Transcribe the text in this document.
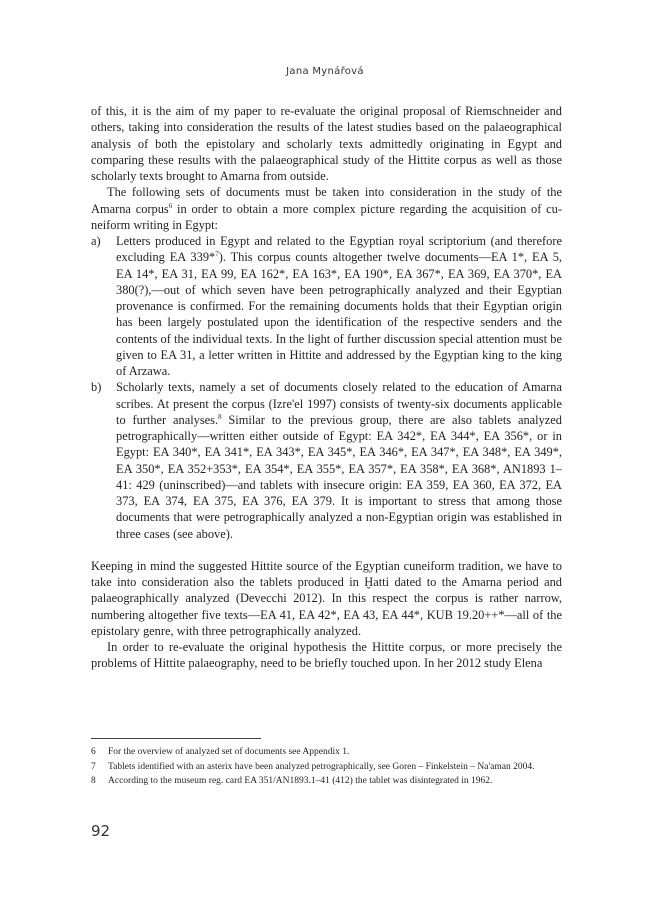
Jana Mynářová

of this, it is the aim of my paper to re-evaluate the original proposal of Riemschneider and others, taking into consideration the results of the latest studies based on the palaeographical analysis of both the epistolary and scholarly texts admittedly originating in Egypt and comparing these results with the palaeographical study of the Hittite corpus as well as those scholarly texts brought to Amarna from outside.

The following sets of documents must be taken into consideration in the study of the Amarna corpus$^6$ in order to obtain a more complex picture regarding the acquisition of cuneiform writing in Egypt:

a) Letters produced in Egypt and related to the Egyptian royal scriptorium (and therefore excluding EA 339*$^7$). This corpus counts altogether twelve documents—EA 1*, EA 5, EA 14*, EA 31, EA 99, EA 162*, EA 163*, EA 190*, EA 367*, EA 369, EA 370*, EA 380(?),—out of which seven have been petrographically analyzed and their Egyptian provenance is confirmed. For the remaining documents holds that their Egyptian origin has been largely postulated upon the identification of the respective senders and the contents of the individual texts. In the light of further discussion special attention must be given to EA 31, a letter written in Hittite and addressed by the Egyptian king to the king of Arzawa.

b) Scholarly texts, namely a set of documents closely related to the education of Amarna scribes. At present the corpus (Izre'el 1997) consists of twenty-six documents applicable to further analyses.$^8$ Similar to the previous group, there are also tablets analyzed petrographically—written either outside of Egypt: EA 342*, EA 344*, EA 356*, or in Egypt: EA 340*, EA 341*, EA 343*, EA 345*, EA 346*, EA 347*, EA 348*, EA 349*, EA 350*, EA 352+353*, EA 354*, EA 355*, EA 357*, EA 358*, EA 368*, AN1893 1–41: 429 (uninscribed)—and tablets with insecure origin: EA 359, EA 360, EA 372, EA 373, EA 374, EA 375, EA 376, EA 379. It is important to stress that among those documents that were petrographically analyzed a non-Egyptian origin was established in three cases (see above).

Keeping in mind the suggested Hittite source of the Egyptian cuneiform tradition, we have to take into consideration also the tablets produced in Ḫatti dated to the Amarna period and palaeographically analyzed (Devecchi 2012). In this respect the corpus is rather narrow, numbering altogether five texts—EA 41, EA 42*, EA 43, EA 44*, KUB 19.20++*—all of the epistolary genre, with three petrographically analyzed.

In order to re-evaluate the original hypothesis the Hittite corpus, or more precisely the problems of Hittite palaeography, need to be briefly touched upon. In her 2012 study Elena

6 For the overview of analyzed set of documents see Appendix 1.

7 Tablets identified with an asterix have been analyzed petrographically, see Goren – Finkelstein – Na'aman 2004.

8 According to the museum reg. card EA 351/AN1893.1–41 (412) the tablet was disintegrated in 1962.

92
